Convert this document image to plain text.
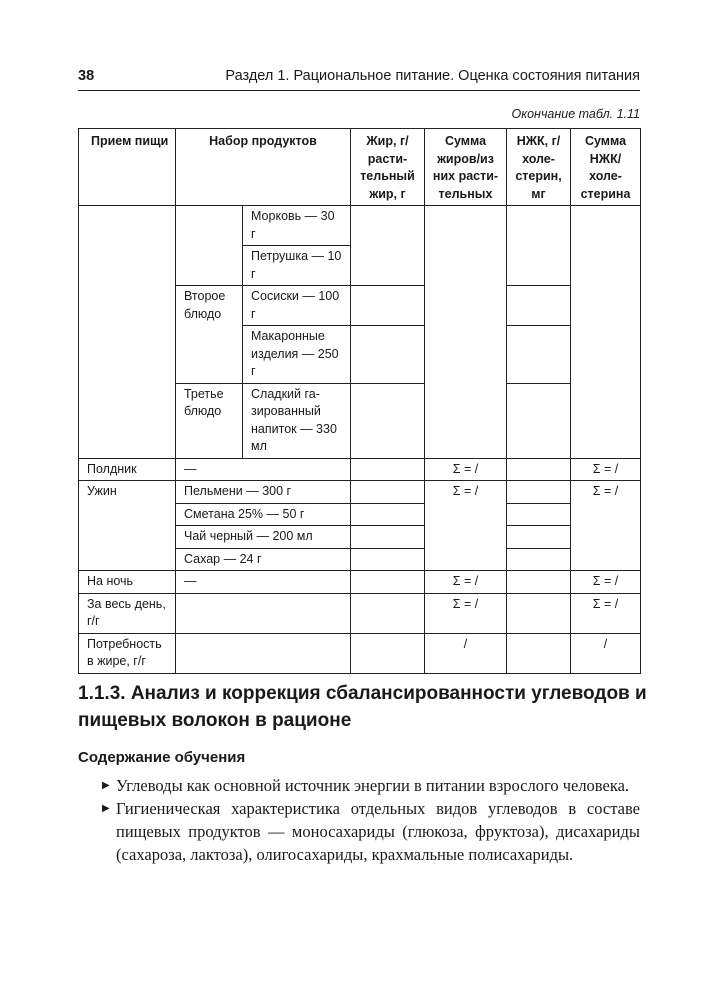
38	Раздел 1. Рациональное питание. Оценка состояния питания
Окончание табл. 1.11
Прием пищи	Набор продуктов		Жир, г/растительный жир, г	Сумма жиров/из них растительных	НЖК, г/холестерин, мг	Сумма НЖК/ холестерина
		Морковь — 30 г				
		Петрушка — 10 г				
	Второе блюдо	Сосиски — 100 г				
		Макаронные изделия — 250 г				
	Третье блюдо	Сладкий газированный напиток — 330 мл				

Полдник	—			Σ = /		Σ = /
Ужин	Пельмени — 300 г			Σ = /		Σ = /
	Сметана 25% — 50 г					
	Чай черный — 200 мл					
	Сахар — 24 г					
На ночь	—			Σ = /		Σ = /
За весь день, г/г				Σ = /		Σ = /
Потребность в жире, г/г				/		/
1.1.3. Анализ и коррекция сбалансированности углеводов и пищевых волокон в рационе
Содержание обучения
▶ Углеводы как основной источник энергии в питании взрослого человека.
▶ Гигиеническая характеристика отдельных видов углеводов в составе пищевых продуктов — моносахариды (глюкоза, фруктоза), дисахариды (сахароза, лактоза), олигосахариды, крахмальные полисахариды.
